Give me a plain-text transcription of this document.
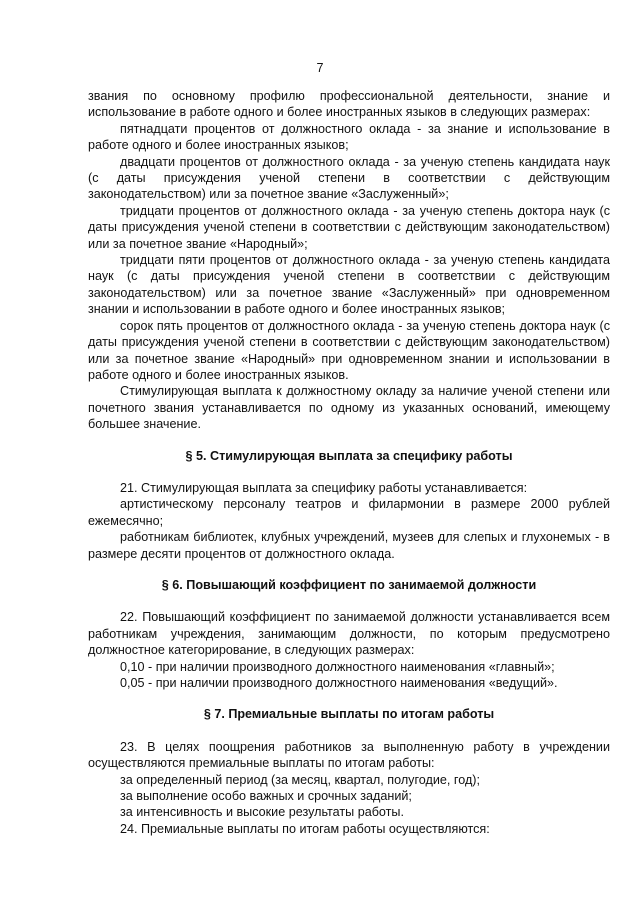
7

звания по основному профилю профессиональной деятельности, знание и использование в работе одного и более иностранных языков в следующих размерах:

пятнадцати процентов от должностного оклада - за знание и использование в работе одного и более иностранных языков;

двадцати процентов от должностного оклада - за ученую степень кандидата наук (с даты присуждения ученой степени в соответствии с действующим законодательством) или за почетное звание «Заслуженный»;

тридцати процентов от должностного оклада - за ученую степень доктора наук (с даты присуждения ученой степени в соответствии с действующим законодательством) или за почетное звание «Народный»;

тридцати пяти процентов от должностного оклада - за ученую степень кандидата наук (с даты присуждения ученой степени в соответствии с действующим законодательством) или за почетное звание «Заслуженный» при одновременном знании и использовании в работе одного и более иностранных языков;

сорок пять процентов от должностного оклада - за ученую степень доктора наук (с даты присуждения ученой степени в соответствии с действующим законодательством) или за почетное звание «Народный» при одновременном знании и использовании в работе одного и более иностранных языков.

Стимулирующая выплата к должностному окладу за наличие ученой степени или почетного звания устанавливается по одному из указанных оснований, имеющему большее значение.

§ 5. Стимулирующая выплата за специфику работы

21. Стимулирующая выплата за специфику работы устанавливается:

артистическому персоналу театров и филармонии в размере 2000 рублей ежемесячно;

работникам библиотек, клубных учреждений, музеев для слепых и глухонемых - в размере десяти процентов от должностного оклада.

§ 6. Повышающий коэффициент по занимаемой должности

22. Повышающий коэффициент по занимаемой должности устанавливается всем работникам учреждения, занимающим должности, по которым предусмотрено должностное категорирование, в следующих размерах:

0,10 - при наличии производного должностного наименования «главный»;

0,05 - при наличии производного должностного наименования «ведущий».

§ 7. Премиальные выплаты по итогам работы

23. В целях поощрения работников за выполненную работу в учреждении осуществляются премиальные выплаты по итогам работы:

за определенный период (за месяц, квартал, полугодие, год);

за выполнение особо важных и срочных заданий;

за интенсивность и высокие результаты работы.

24. Премиальные выплаты по итогам работы осуществляются:
